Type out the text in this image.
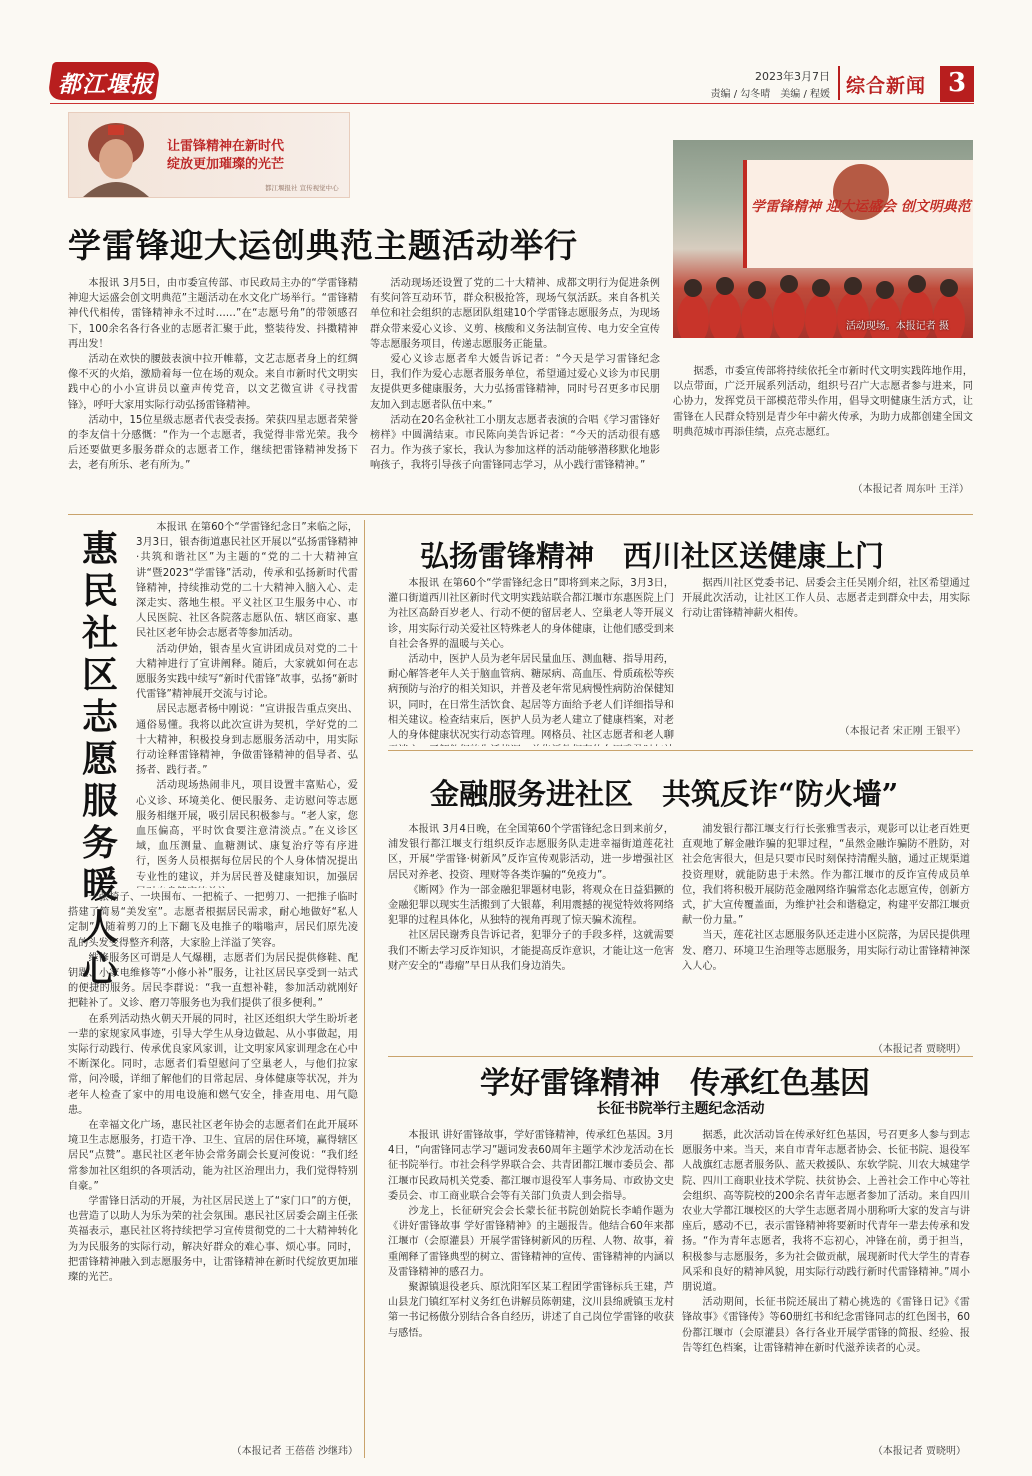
都江堰报	2023年3月7日
责编 / 勾冬晴　美编 / 程媛 综合新闻 3
让雷锋精神在新时代
绽放更加璀璨的光芒
都江堰报社 宣传视觉中心
学雷锋精神 迎大运盛会 创文明典范
活动现场。本报记者 摄
学雷锋迎大运创典范主题活动举行

本报讯 3月5日，由市委宣传部、市民政局主办的“学雷锋精神迎大运盛会创文明典范”主题活动在水文化广场举行。“雷锋精神代代相传，雷锋精神永不过时……”在“志愿号角”的带领感召下，100余名各行各业的志愿者汇聚于此，整装待发、抖擞精神再出发！

活动在欢快的腰鼓表演中拉开帷幕，文艺志愿者身上的红绸像不灭的火焰，激励着每一位在场的观众。来自市新时代文明实践中心的小小宣讲员以童声传党音，以文艺微宣讲《寻找雷锋》，呼吁大家用实际行动弘扬雷锋精神。

活动中，15位星级志愿者代表受表扬。荣获四星志愿者荣誉的李友信十分感慨：“作为一个志愿者，我觉得非常光荣。我今后还要做更多服务群众的志愿者工作，继续把雷锋精神发扬下去，老有所乐、老有所为。”

活动现场还设置了党的二十大精神、成都文明行为促进条例有奖问答互动环节，群众积极抢答，现场气氛活跃。来自各机关单位和社会组织的志愿团队组建10个学雷锋志愿服务点，为现场群众带来爱心义诊、义剪、核酸和义务法制宣传、电力安全宣传等志愿服务项目，传递志愿服务正能量。

爱心义诊志愿者牟大媛告诉记者：“今天是学习雷锋纪念日，我们作为爱心志愿者服务单位，希望通过爱心义诊为市民朋友提供更多健康服务，大力弘扬雷锋精神，同时号召更多市民朋友加入到志愿者队伍中来。”

活动在20名金秋社工小朋友志愿者表演的合唱《学习雷锋好榜样》中圆满结束。市民陈向美告诉记者：“今天的活动很有感召力。作为孩子家长，我认为参加这样的活动能够潜移默化地影响孩子，我将引导孩子向雷锋同志学习，从小践行雷锋精神。”

据悉，市委宣传部将持续依托全市新时代文明实践阵地作用，以点带面，广泛开展系列活动，组织号召广大志愿者参与进来，同心协力，发挥党员干部模范带头作用，倡导文明健康生活方式，让雷锋在人民群众特别是青少年中薪火传承，为助力成都创建全国文明典范城市再添佳绩，点亮志愿红。

（本报记者 周东叶 王洋）
惠民社区志愿服务暖人心

本报讯 在第60个“学雷锋纪念日”来临之际，3月3日，银杏街道惠民社区开展以“弘扬雷锋精神·共筑和谐社区”为主题的“党的二十大精神宣讲“暨2023“学雷锋”活动，传承和弘扬新时代雷锋精神，持续推动党的二十大精神入脑入心、走深走实、落地生根。平义社区卫生服务中心、市人民医院、社区各院落志愿队伍、辖区商家、惠民社区老年协会志愿者等参加活动。

活动伊始，银杏星火宣讲团成员对党的二十大精神进行了宣讲阐释。随后，大家就如何在志愿服务实践中续写“新时代雷锋”故事，弘扬“新时代雷锋”精神展开交流与讨论。

居民志愿者杨中刚说：“宣讲报告重点突出、通俗易懂。我将以此次宣讲为契机，学好党的二十大精神，积极投身到志愿服务活动中，用实际行动诠释雷锋精神，争做雷锋精神的倡导者、弘扬者、践行者。”

活动现场热闹非凡，项目设置丰富贴心，爱心义诊、环境美化、便民服务、走访慰问等志愿服务相继开展，吸引居民积极参与。“老人家，您血压偏高，平时饮食要注意清淡点。”在义诊区域，血压测量、血糖测试、康复治疗等有序进行，医务人员根据每位居民的个人身体情况提出专业性的建议，并为居民普及健康知识，加强居

一张椅子、一块围布、一把梳子、一把剪刀、一把推子临时搭建了简易“美发室”。志愿者根据居民需求，耐心地做好“私人定制”，随着剪刀的上下翻飞及电推子的嗡嗡声，居民们原先凌乱的头发变得整齐利落，大家脸上洋溢了笑容。

维修服务区可谓是人气爆棚，志愿者们为居民提供修鞋、配钥匙、小家电维修等“小修小补”服务，让社区居民享受到一站式的便捷的服务。居民李群说：“我一直想补鞋，参加活动就刚好把鞋补了。义诊、磨刀等服务也为我们提供了很多便利。”

在系列活动热火朝天开展的同时，社区还组织大学生盼圻老一辈的家规家风事迹，引导大学生从身边做起、从小事做起，用实际行动践行、传承优良家风家训，让文明家风家训理念在心中不断深化。同时，志愿者们看望慰问了空巢老人，与他们拉家常，问冷暖，详细了解他们的目常起居、身体健康等状况，并为老年人检查了家中的用电设施和燃气安全，排查用电、用气隐患。

在幸福文化广场，惠民社区老年协会的志愿者们在此开展环境卫生志愿服务，打造干净、卫生、宜居的居住环境，赢得辖区居民“点赞”。惠民社区老年协会常务副会长夏河俊说：“我们经常参加社区组织的各项活动，能为社区治理出力，我们觉得特别自豪。”

学雷锋日活动的开展，为社区居民送上了“家门口”的方便，也营造了以助人为乐为荣的社会氛围。惠民社区居委会副主任张英福表示，惠民社区将持续把学习宣传贯彻党的二十大精神转化为为民服务的实际行动，解决好群众的难心事、烦心事。同时，把雷锋精神融入到志愿服务中，让雷锋精神在新时代绽放更加璀璨的光芒。

（本报记者 王蓓蓓 沙继玮）
弘扬雷锋精神　西川社区送健康上门

本报讯 在第60个“学雷锋纪念日”即将到来之际，3月3日，灌口街道西川社区新时代文明实践站联合都江堰市东惠医院上门为社区高龄百岁老人、行动不便的留居老人、空巢老人等开展义诊，用实际行动关爱社区特殊老人的身体健康，让他们感受到来自社会各界的温暖与关心。

活动中，医护人员为老年居民量血压、测血糖、指导用药，耐心解答老年人关于脑血管病、糖尿病、高血压、骨质疏松等疾病预防与治疗的相关知识，并普及老年常见病慢性病防治保健知识，同时，在日常生活饮食、起居等方面给予老人们详细指导和相关建议。检查结束后，医护人员为老人建立了健康档案，对老人的身体健康状况实行动态管理。网格员、社区志愿者和老人聊

据西川社区党委书记、居委会主任吴刚介绍，社区希望通过开展此次活动，让社区工作人员、志愿者走到群众中去，用实际行动让雷锋精神薪火相传。

（本报记者 宋正刚 王银平）
金融服务进社区　共筑反诈“防火墙”

本报讯 3月4日晚，在全国第60个学雷锋纪念日到来前夕，浦发银行都江堰支行组织反诈志愿服务队走进幸福街道莲花社区，开展“学雷锋·树新风”反诈宣传观影活动，进一步增强社区居民对养老、投资、理财等各类诈骗的“免疫力”。

《断网》作为一部金融犯罪题材电影，将观众在日益猖獗的金融犯罪以现实生活搬到了大银幕，利用震撼的视觉特效将网络犯罪的过程具体化，从独特的视角再现了惊天骗术流程。

社区居民谢秀良告诉记者，犯罪分子的手段多样，这就需要我们不断去学习反诈知识，才能提高反诈意识，才能让这一危害财产安全的“毒瘤”早日从我们身边消失。

浦发银行都江堰支行行长张雅雪表示，观影可以让老百姓更直观地了解金融诈骗的犯罪过程，“虽然金融诈骗防不胜防，对社会危害很大，但是只要市民时刻保持清醒头脑，通过正规渠道投资理财，就能防患于未然。作为都江堰市的反诈宣传成员单位，我们将积极开展防范金融网络诈骗常态化志愿宣传，创新方式，扩大宣传覆盖面，为维护社会和谐稳定，构建平安都江堰贡献一份力量。”

当天，莲花社区志愿服务队还走进小区院落，为居民提供理发、磨刀、环境卫生治理等志愿服务，用实际行动让雷锋精神深入人心。

（本报记者 贾晓明）
学好雷锋精神　传承红色基因
长征书院举行主题纪念活动

本报讯 讲好雷锋故事，学好雷锋精神，传承红色基因。3月4日，“向雷锋同志学习”题词发表60周年主题学术沙龙活动在长征书院举行。市社会科学界联合会、共青团都江堰市委员会、都江堰市民政局机关党委、都江堰市退役军人事务局、市政协文史委员会、市工商业联合会等有关部门负责人到会指导。

沙龙上，长征研究会会长蒙长征书院创始院长李峭作题为《讲好雷锋故事 学好雷锋精神》的主题报告。他结合60年来都江堰市（会原灌县）开展学雷锋树新风的历程、人物、故事，着重阐释了雷锋典型的树立、雷锋精神的宣传、雷锋精神的内涵以及雷锋精神的感召力。

聚源镇退役老兵、原沈阳军区某工程团学雷锋标兵王建，芦山县龙门镇红军村义务红色讲解员陈朝建，汶川县绵虒镇玉龙村第一书记杨傲分别结合各自经历，讲述了自己岗位学雷锋的收获与感悟。

据悉，此次活动旨在传承好红色基因，号召更多人参与到志愿服务中来。当天，来自市青年志愿者协会、长征书院、退役军人战旗红志愿者服务队、蓝天救援队、东软学院、川农大城建学院、四川工商职业技术学院、扶贫协会、上善社会工作中心等社会组织、高等院校的200余名青年志愿者参加了活动。来自四川农业大学都江堰校区的大学生志愿者周小朋称听大家的发言与讲座后，感动不已，表示雷锋精神将要新时代青年一辈去传承和发扬。“作为青年志愿者，我将不忘初心，冲锋在前，勇于担当，积极参与志愿服务，多为社会做贡献，展现新时代大学生的青春风采和良好的精神风貌，用实际行动践行新时代雷锋精神。”周小朋说道。

活动期间，长征书院还展出了精心挑选的《雷锋日记》《雷锋故事》《雷锋传》等60册红书和纪念雷锋同志的红色图书，60份都江堰市（会原灌县）各行各业开展学雷锋的简报、经验、报告等红色档案，让雷锋精神在新时代滋养读者的心灵。

（本报记者 贾晓明）
